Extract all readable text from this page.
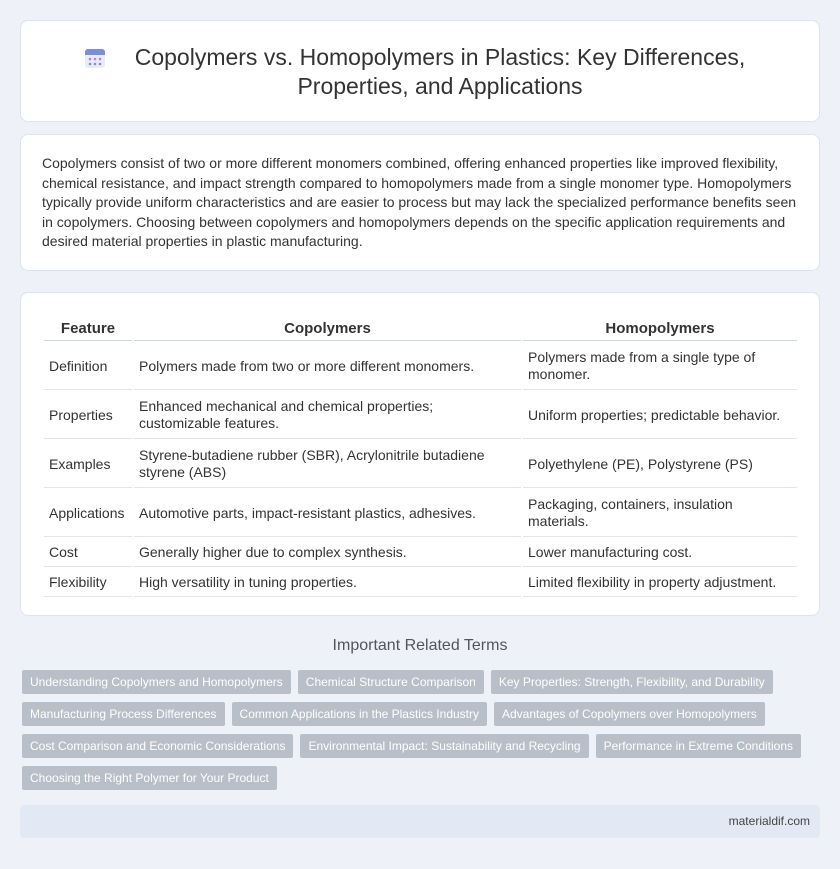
Copolymers vs. Homopolymers in Plastics: Key Differences, Properties, and Applications

Copolymers consist of two or more different monomers combined, offering enhanced properties like improved flexibility, chemical resistance, and impact strength compared to homopolymers made from a single monomer type. Homopolymers typically provide uniform characteristics and are easier to process but may lack the specialized performance benefits seen in copolymers. Choosing between copolymers and homopolymers depends on the specific application requirements and desired material properties in plastic manufacturing.

Feature	Copolymers	Homopolymers
Definition	Polymers made from two or more different monomers.	Polymers made from a single type of monomer.
Properties	Enhanced mechanical and chemical properties; customizable features.	Uniform properties; predictable behavior.
Examples	Styrene-butadiene rubber (SBR), Acrylonitrile butadiene styrene (ABS)	Polyethylene (PE), Polystyrene (PS)
Applications	Automotive parts, impact-resistant plastics, adhesives.	Packaging, containers, insulation materials.
Cost	Generally higher due to complex synthesis.	Lower manufacturing cost.
Flexibility	High versatility in tuning properties.	Limited flexibility in property adjustment.
Important Related Terms
Understanding Copolymers and Homopolymers	Chemical Structure Comparison	Key Properties: Strength, Flexibility, and Durability
Manufacturing Process Differences	Common Applications in the Plastics Industry	Advantages of Copolymers over Homopolymers
Cost Comparison and Economic Considerations	Environmental Impact: Sustainability and Recycling	Performance in Extreme Conditions
Choosing the Right Polymer for Your Product
materialdif.com
